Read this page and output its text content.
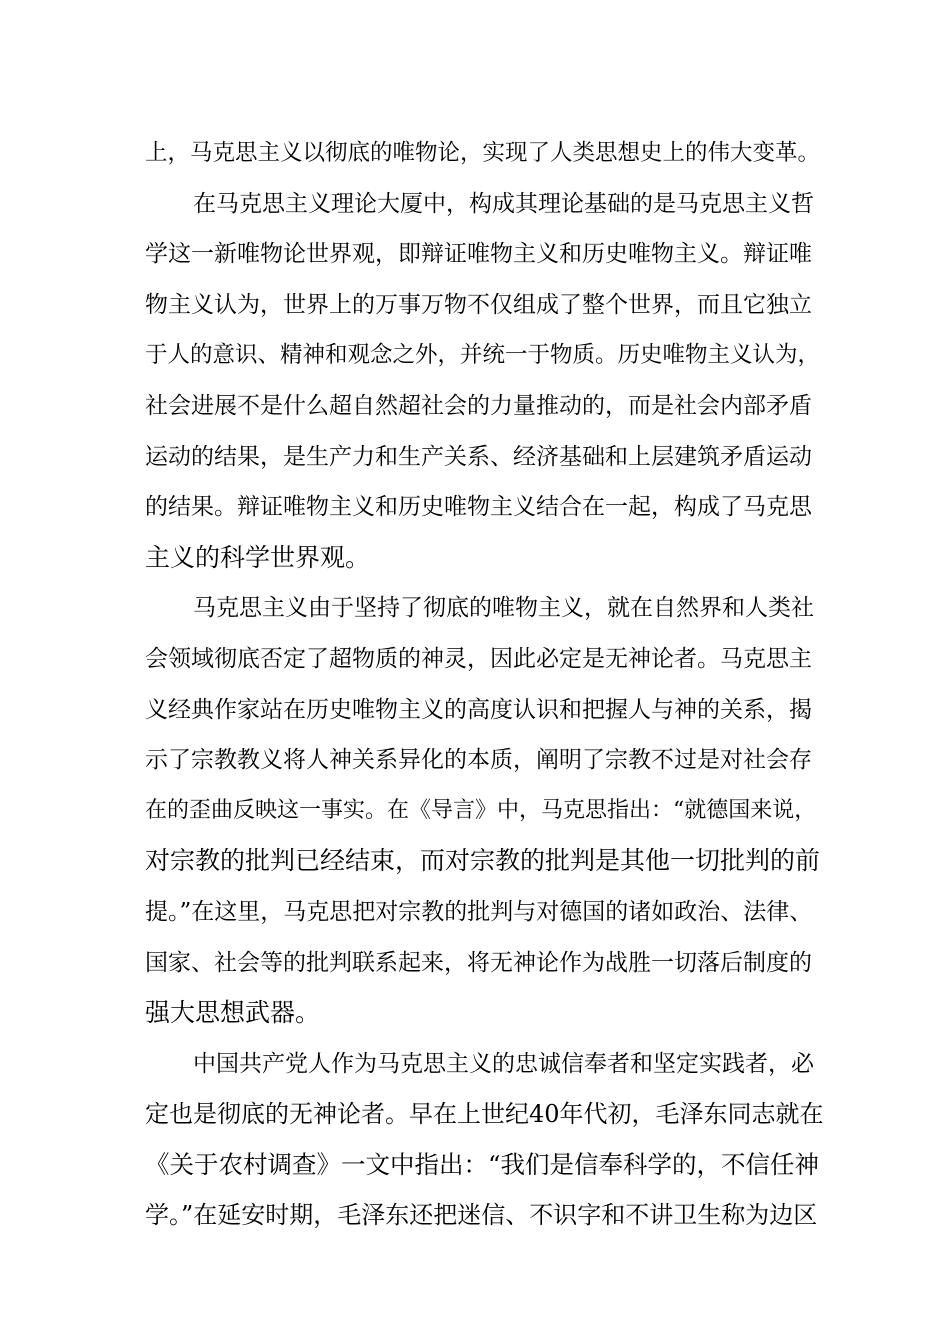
上，马克思主义以彻底的唯物论，实现了人类思想史上的伟大变革。
在马克思主义理论大厦中，构成其理论基础的是马克思主义哲
学这一新唯物论世界观，即辩证唯物主义和历史唯物主义。辩证唯
物主义认为，世界上的万事万物不仅组成了整个世界，而且它独立
于人的意识、精神和观念之外，并统一于物质。历史唯物主义认为，
社会进展不是什么超自然超社会的力量推动的，而是社会内部矛盾
运动的结果，是生产力和生产关系、经济基础和上层建筑矛盾运动
的结果。辩证唯物主义和历史唯物主义结合在一起，构成了马克思
主义的科学世界观。
马克思主义由于坚持了彻底的唯物主义，就在自然界和人类社
会领域彻底否定了超物质的神灵，因此必定是无神论者。马克思主
义经典作家站在历史唯物主义的高度认识和把握人与神的关系，揭
示了宗教教义将人神关系异化的本质，阐明了宗教不过是对社会存
在的歪曲反映这一事实。在《导言》中，马克思指出：“就德国来说，
对宗教的批判已经结束，而对宗教的批判是其他一切批判的前
提。”在这里，马克思把对宗教的批判与对德国的诸如政治、法律、
国家、社会等的批判联系起来，将无神论作为战胜一切落后制度的
强大思想武器。
中国共产党人作为马克思主义的忠诚信奉者和坚定实践者，必
定也是彻底的无神论者。早在上世纪40年代初，毛泽东同志就在
《关于农村调查》一文中指出：“我们是信奉科学的，不信任神
学。”在延安时期，毛泽东还把迷信、不识字和不讲卫生称为边区
